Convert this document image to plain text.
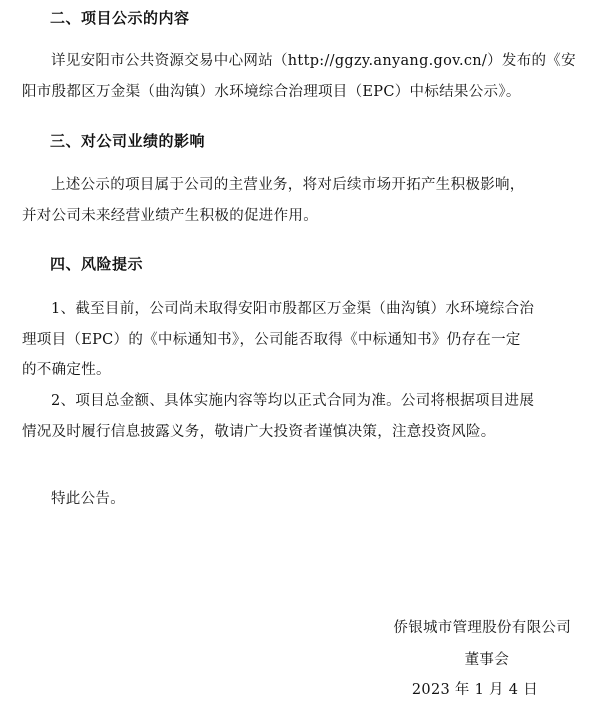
二、项目公示的内容
详见安阳市公共资源交易中心网站（http://ggzy.anyang.gov.cn/）发布的《安
阳市殷都区万金渠（曲沟镇）水环境综合治理项目（EPC）中标结果公示》。
三、对公司业绩的影响
上述公示的项目属于公司的主营业务，将对后续市场开拓产生积极影响，
并对公司未来经营业绩产生积极的促进作用。
四、风险提示
1、截至目前，公司尚未取得安阳市殷都区万金渠（曲沟镇）水环境综合治
理项目（EPC）的《中标通知书》，公司能否取得《中标通知书》仍存在一定
的不确定性。
2、项目总金额、具体实施内容等均以正式合同为准。公司将根据项目进展
情况及时履行信息披露义务，敬请广大投资者谨慎决策，注意投资风险。
特此公告。
侨银城市管理股份有限公司
董事会
2023 年 1 月 4 日
